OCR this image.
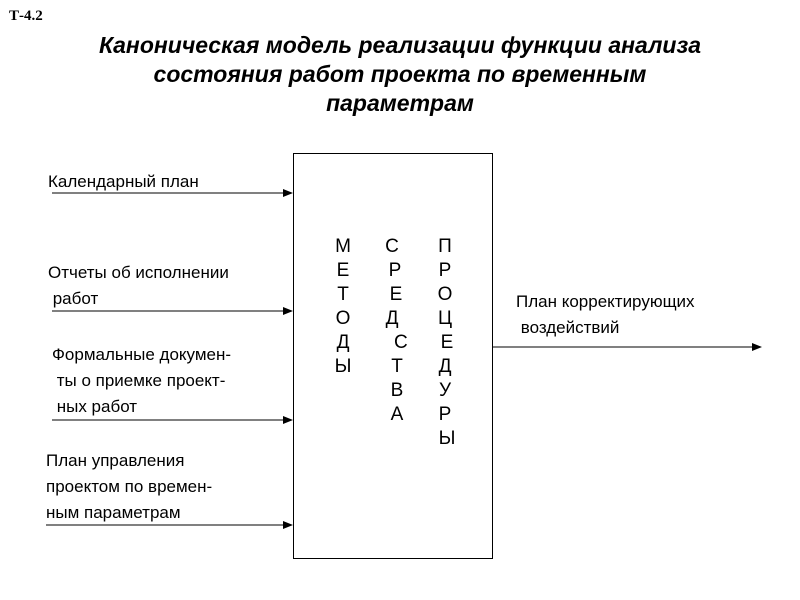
Т-4.2
Каноническая модель реализации функции анализа
состояния работ проекта по временным
параметрам
Календарный план
Отчеты об исполнении
работ
Формальные докумен-
ты о приемке проект-
ных работ
План управления
проектом по времен-
ным параметрам
План корректирующих
воздействий
М
Е
Т
О
Д
Ы
С
Р
Е
Д
С
Т
В
А
П
Р
О
Ц
Е
Д
У
Р
Ы
